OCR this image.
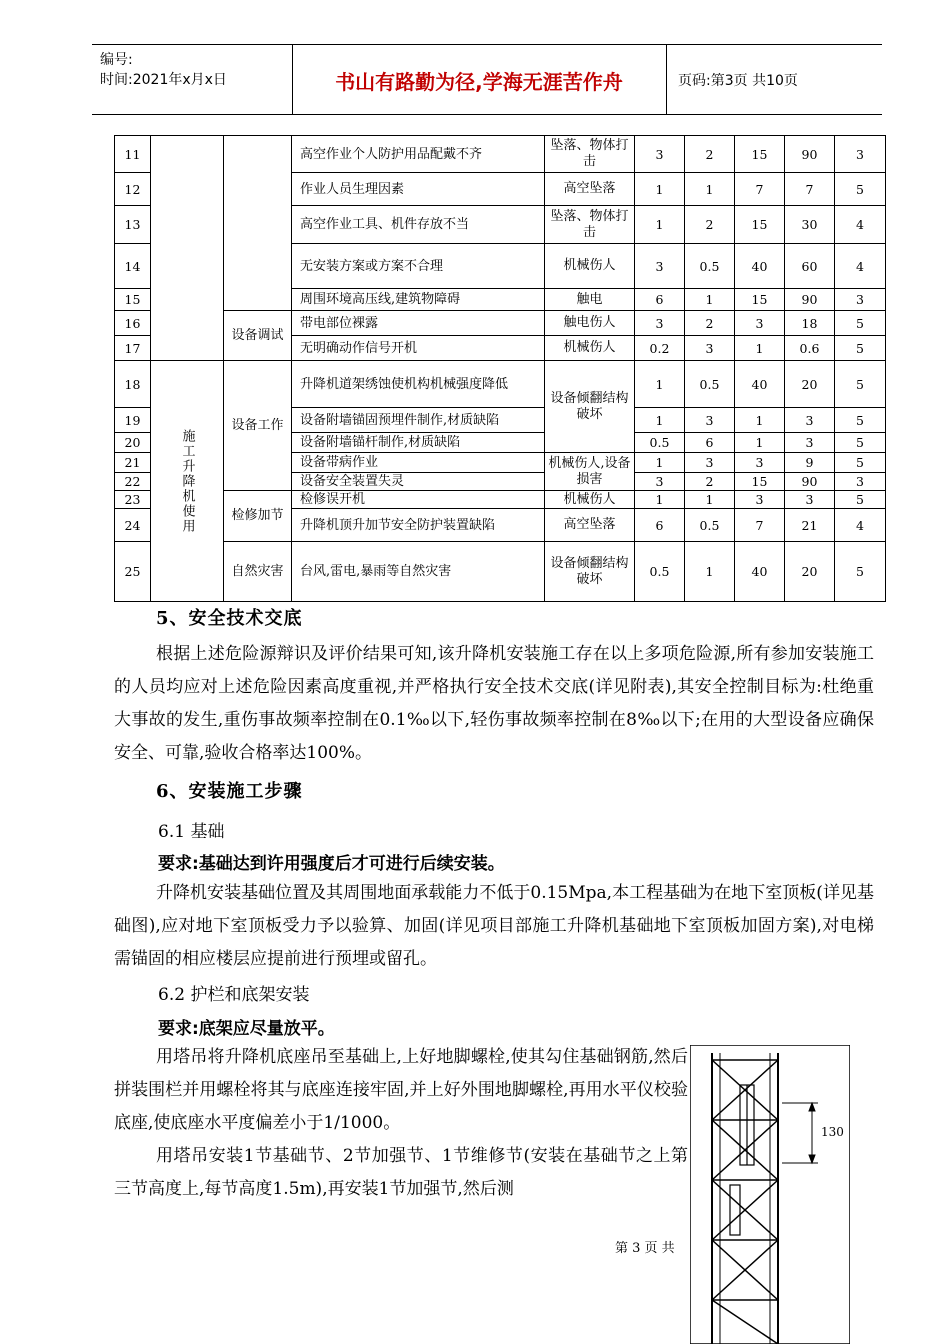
编号:
时间:2021年x月x日	书山有路勤为径,学海无涯苦作舟	页码:第3页 共10页
11			高空作业个人防护用品配戴不齐	坠落、物体打击	3	2	15	90	3
12			作业人员生理因素	高空坠落	1	1	7	7	5
13			高空作业工具、机件存放不当	坠落、物体打击	1	2	15	30	4
14			无安装方案或方案不合理	机械伤人	3	0.5	40	60	4
15			周围环境高压线,建筑物障碍	触电	6	1	15	90	3
16		设备调试	带电部位裸露	触电伤人	3	2	3	18	5
17			无明确动作信号开机	机械伤人	0.2	3	1	0.6	5
18	施工升降机使用	设备工作	升降机道架绣蚀使机构机械强度降低	设备倾翻结构破坏	1	0.5	40	20	5
19			设备附墙锚固预埋件制作,材质缺陷		1	3	1	3	5
20			设备附墙锚杆制作,材质缺陷		0.5	6	1	3	5
21			设备带病作业	机械伤人,设备损害	1	3	3	9	5
22			设备安全装置失灵		3	2	15	90	3
23		检修加节	检修误开机	机械伤人	1	1	3	3	5
24			升降机顶升加节安全防护装置缺陷	高空坠落	6	0.5	7	21	4
25		自然灾害	台风,雷电,暴雨等自然灾害	设备倾翻结构破坏	0.5	1	40	20	5
5、安全技术交底
根据上述危险源辩识及评价结果可知,该升降机安装施工存在以上多项危险源,所有参加安装施工的人员均应对上述危险因素高度重视,并严格执行安全技术交底(详见附表),其安全控制目标为:杜绝重大事故的发生,重伤事故频率控制在0.1‰以下,轻伤事故频率控制在8‰以下;在用的大型设备应确保安全、可靠,验收合格率达100%。
6、安装施工步骤
6.1 基础
要求:基础达到许用强度后才可进行后续安装。
升降机安装基础位置及其周围地面承载能力不低于0.15Mpa,本工程基础为在地下室顶板(详见基础图),应对地下室顶板受力予以验算、加固(详见项目部施工升降机基础地下室顶板加固方案),对电梯需锚固的相应楼层应提前进行预埋或留孔。
6.2 护栏和底架安装
要求:底架应尽量放平。
用塔吊将升降机底座吊至基础上,上好地脚螺栓,使其勾住基础钢筋,然后拼装围栏并用螺栓将其与底座连接牢固,并上好外围地脚螺栓,再用水平仪校验底座,使底座水平度偏差小于1/1000。
用塔吊安装1节基础节、2节加强节、1节维修节(安装在基础节之上第三节高度上,每节高度1.5m),再安装1节加强节,然后测
第 3 页 共
130
